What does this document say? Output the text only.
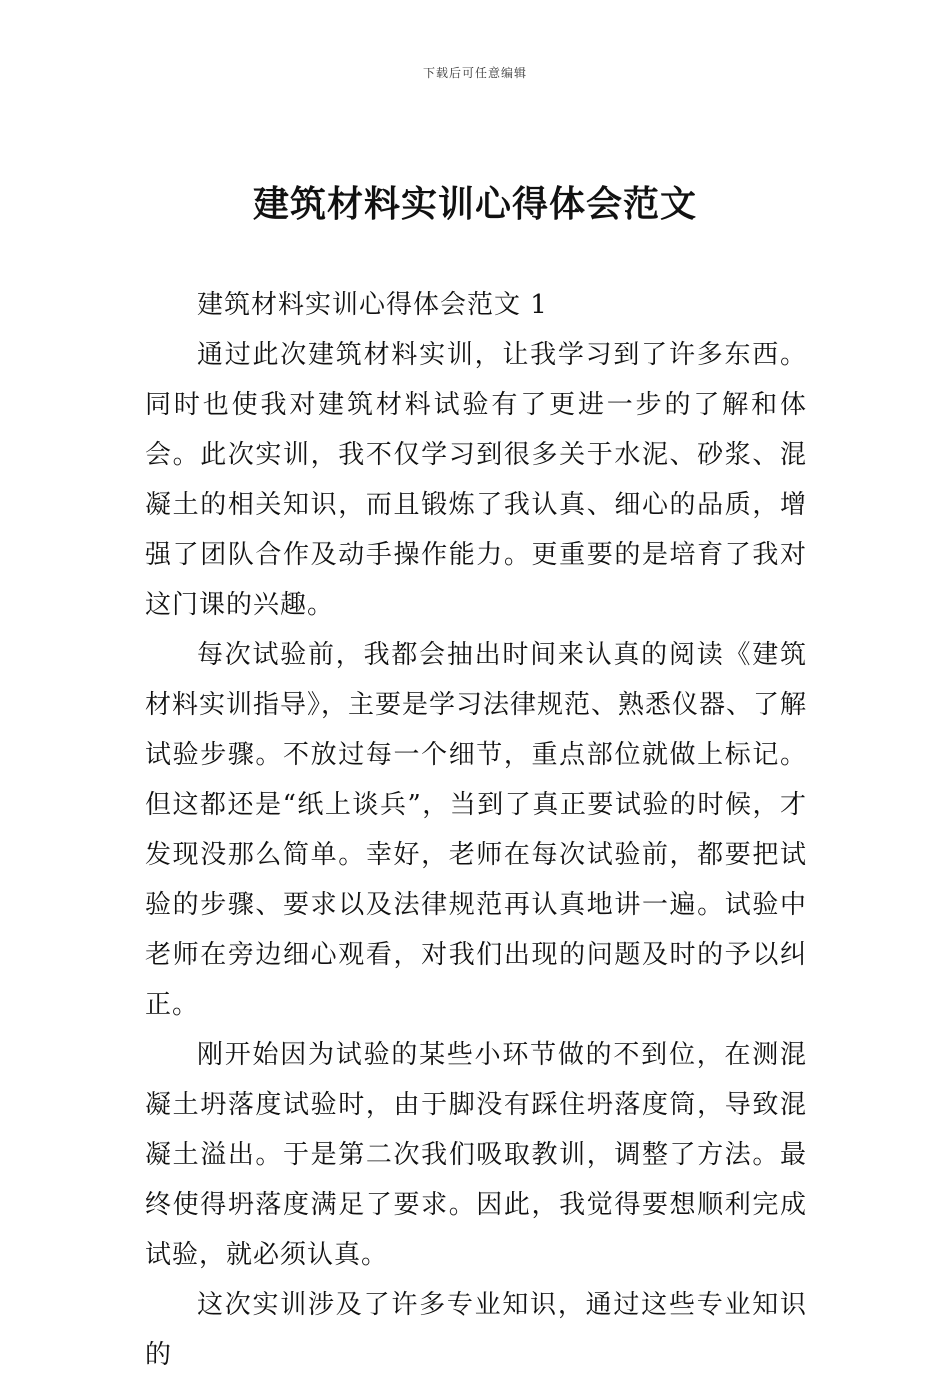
下载后可任意编辑
建筑材料实训心得体会范文

建筑材料实训心得体会范文 1

通过此次建筑材料实训，让我学习到了许多东西。同时也使我对建筑材料试验有了更进一步的了解和体会。此次实训，我不仅学习到很多关于水泥、砂浆、混凝土的相关知识，而且锻炼了我认真、细心的品质，增强了团队合作及动手操作能力。更重要的是培育了我对这门课的兴趣。

每次试验前，我都会抽出时间来认真的阅读《建筑材料实训指导》，主要是学习法律规范、熟悉仪器、了解试验步骤。不放过每一个细节，重点部位就做上标记。但这都还是“纸上谈兵”，当到了真正要试验的时候，才发现没那么简单。幸好，老师在每次试验前，都要把试验的步骤、要求以及法律规范再认真地讲一遍。试验中老师在旁边细心观看，对我们出现的问题及时的予以纠正。

刚开始因为试验的某些小环节做的不到位，在测混凝土坍落度试验时，由于脚没有踩住坍落度筒，导致混凝土溢出。于是第二次我们吸取教训，调整了方法。最终使得坍落度满足了要求。因此，我觉得要想顺利完成试验，就必须认真。

这次实训涉及了许多专业知识，通过这些专业知识的
